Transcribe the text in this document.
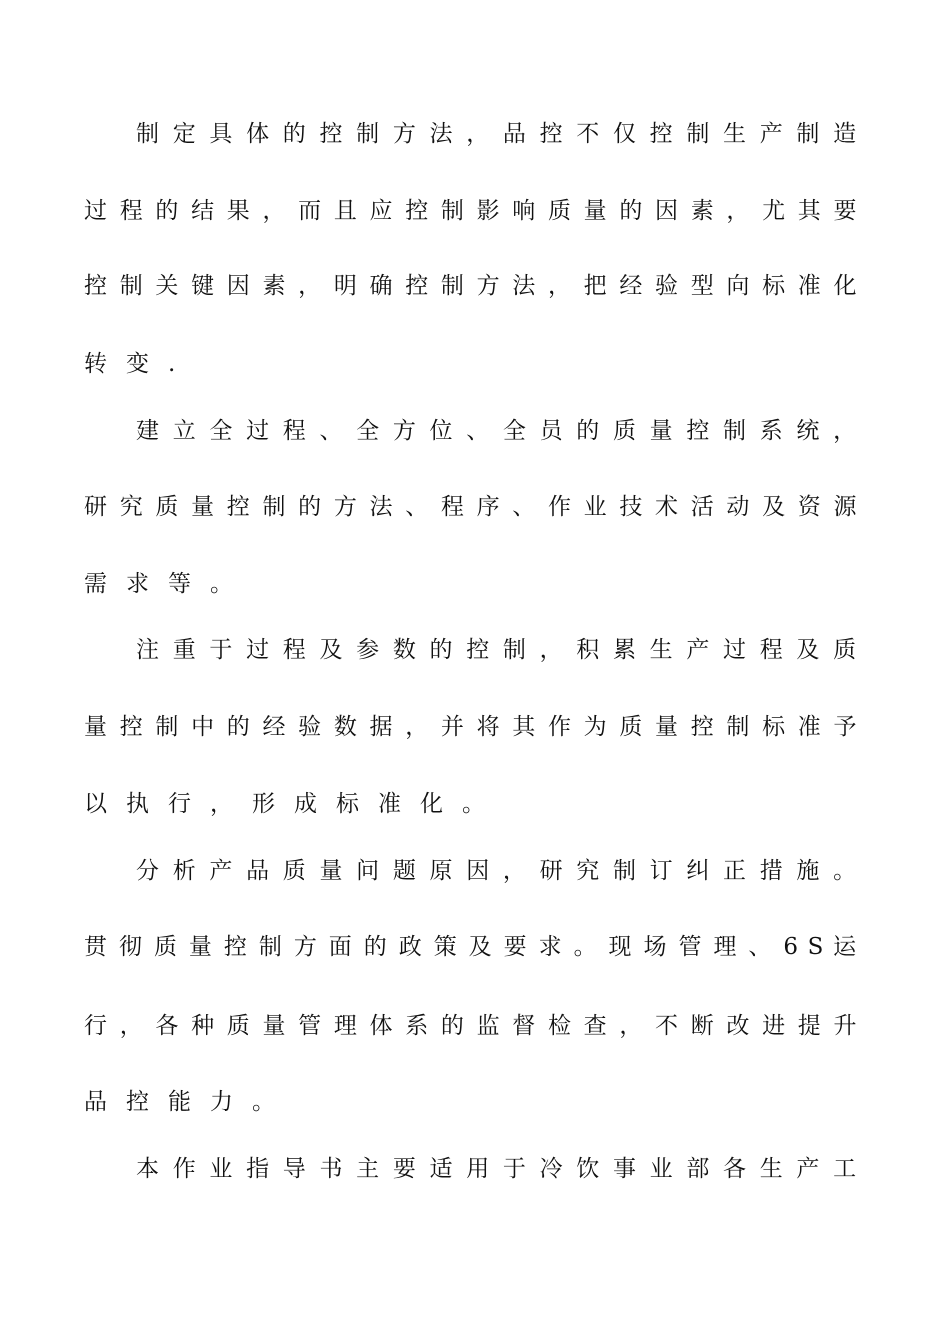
制 定 具 体 的 控 制 方 法 ， 品 控 不 仅 控 制 生 产 制 造
过 程 的 结 果 ， 而 且 应 控 制 影 响 质 量 的 因 素 ， 尤 其 要
控 制 关 键 因 素 ， 明 确 控 制 方 法 ， 把 经 验 型 向 标 准 化
转变.
建 立 全 过 程 、 全 方 位 、 全 员 的 质 量 控 制 系 统 ，
研 究 质 量 控 制 的 方 法 、 程 序 、 作 业 技 术 活 动 及 资 源
需求等。
注 重 于 过 程 及 参 数 的 控 制 ， 积 累 生 产 过 程 及 质
量 控 制 中 的 经 验 数 据 ， 并 将 其 作 为 质 量 控 制 标 准 予
以执行，形成标准化。
分 析 产 品 质 量 问 题 原 因 ， 研 究 制 订 纠 正 措 施 。
贯 彻 质 量 控 制 方 面 的 政 策 及 要 求 。 现 场 管 理 、 6 S 运
行 ， 各 种 质 量 管 理 体 系 的 监 督 检 查 ， 不 断 改 进 提 升
品控能力。
本 作 业 指 导 书 主 要 适 用 于 冷 饮 事 业 部 各 生 产 工
